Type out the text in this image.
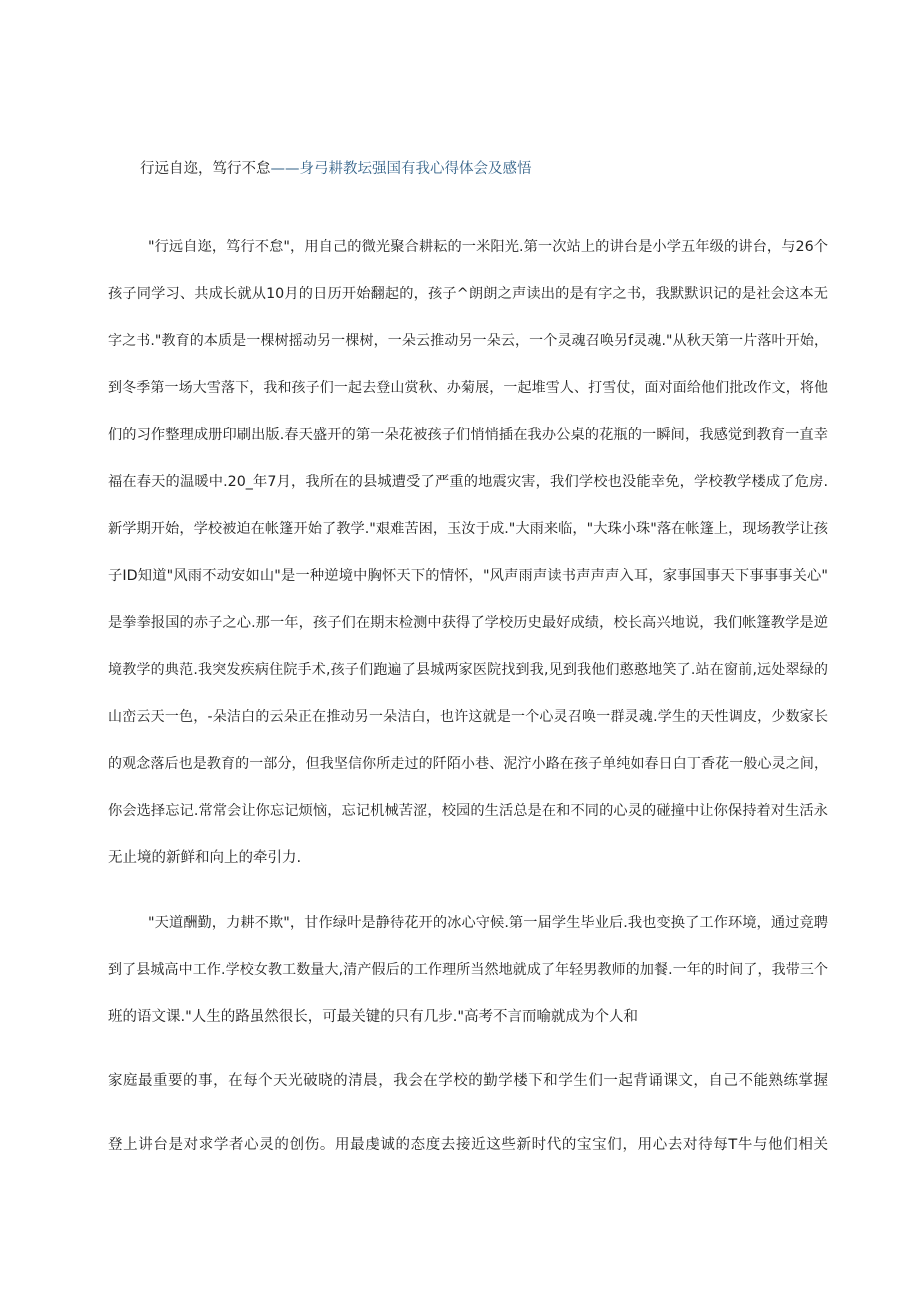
行远自迩，笃行不怠——身弓耕教坛强国有我心得体会及感悟
"行远自迩，笃行不怠"，用自己的微光聚合耕耘的一米阳光.第一次站上的讲台是小学五年级的讲台，与26个
孩子同学习、共成长就从10月的日历开始翻起的，孩子^朗朗之声读出的是有字之书，我默默识记的是社会这本无
字之书."教育的本质是一棵树摇动另一棵树，一朵云推动另一朵云，一个灵魂召唤另f灵魂."从秋天第一片落叶开始，
到冬季第一场大雪落下，我和孩子们一起去登山赏秋、办菊展，一起堆雪人、打雪仗，面对面给他们批改作文，将他
们的习作整理成册印刷出版.春天盛开的第一朵花被孩子们悄悄插在我办公桌的花瓶的一瞬间，我感觉到教育一直幸
福在春天的温暖中.20_年7月，我所在的县城遭受了严重的地震灾害，我们学校也没能幸免，学校教学楼成了危房.
新学期开始，学校被迫在帐篷开始了教学."艰难苦困，玉汝于成."大雨来临，"大珠小珠"落在帐篷上，现场教学让孩
子ID知道"风雨不动安如山"是一种逆境中胸怀天下的情怀，"风声雨声读书声声声入耳，家事国事天下事事事关心"
是拳拳报国的赤子之心.那一年，孩子们在期末检测中获得了学校历史最好成绩，校长高兴地说，我们帐篷教学是逆
境教学的典范.我突发疾病住院手术,孩子们跑遍了县城两家医院找到我,见到我他们憨憨地笑了.站在窗前,远处翠绿的
山峦云天一色，-朵洁白的云朵正在推动另一朵洁白，也许这就是一个心灵召唤一群灵魂.学生的天性调皮，少数家长
的观念落后也是教育的一部分，但我坚信你所走过的阡陌小巷、泥泞小路在孩子单纯如春日白丁香花一般心灵之间，
你会选择忘记.常常会让你忘记烦恼，忘记机械苦涩，校园的生活总是在和不同的心灵的碰撞中让你保持着对生活永
无止境的新鲜和向上的牵引力.
"天道酬勤，力耕不欺"，甘作绿叶是静待花开的冰心守候.第一届学生毕业后.我也变换了工作环境，通过竞聘
到了县城高中工作.学校女教工数量大,清产假后的工作理所当然地就成了年轻男教师的加餐.一年的时间了，我带三个
班的语文课."人生的路虽然很长，可最关键的只有几步."高考不言而喻就成为个人和
家庭最重要的事，在每个天光破晓的清晨，我会在学校的勤学楼下和学生们一起背诵课文，自己不能熟练掌握
登上讲台是对求学者心灵的创伤。用最虔诚的态度去接近这些新时代的宝宝们，用心去对待每T牛与他们相关
